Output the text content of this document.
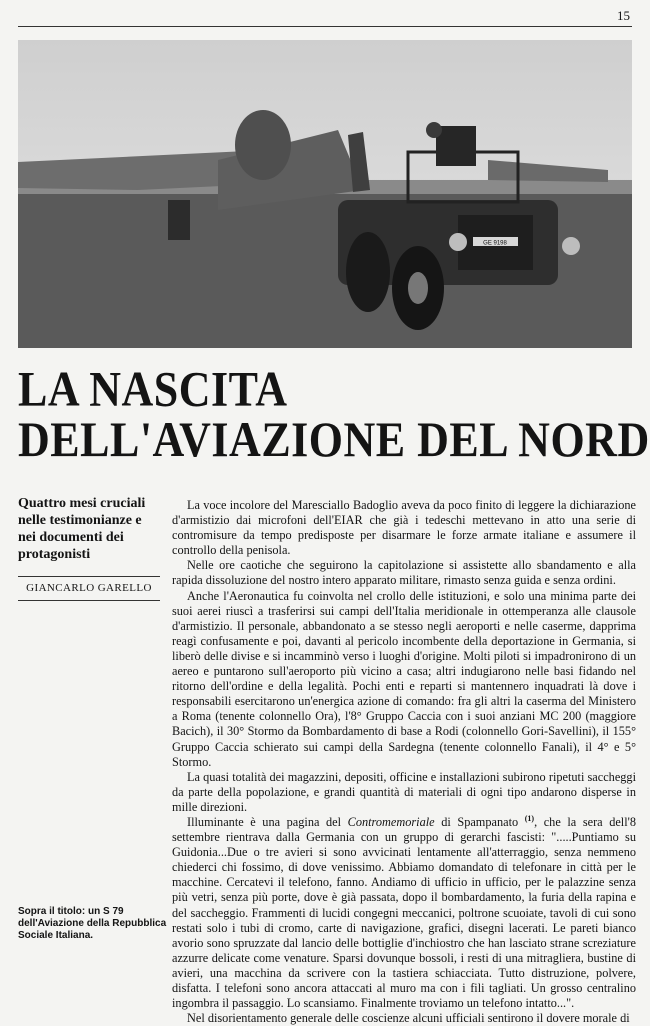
15
GE 9198
LA NASCITA
DELL'AVIAZIONE DEL NORD

Quattro mesi cruciali nelle testimonianze e nei documenti dei protagonisti

GIANCARLO GARELLO

Sopra il titolo: un S 79 dell'Aviazione della Repubblica Sociale Italiana.

La voce incolore del Maresciallo Badoglio aveva da poco finito di leggere la dichiarazione d'armistizio dai microfoni dell'EIAR che già i tedeschi mettevano in atto una serie di contromisure da tempo predisposte per disarmare le forze armate italiane e assumere il controllo della penisola.

Nelle ore caotiche che seguirono la capitolazione si assistette allo sbandamento e alla rapida dissoluzione del nostro intero apparato militare, rimasto senza guida e senza ordini.

Anche l'Aeronautica fu coinvolta nel crollo delle istituzioni, e solo una minima parte dei suoi aerei riuscì a trasferirsi sui campi dell'Italia meridionale in ottemperanza alle clausole d'armistizio. Il personale, abbandonato a se stesso negli aeroporti e nelle caserme, dapprima reagì confusamente e poi, davanti al pericolo incombente della deportazione in Germania, si liberò delle divise e si incamminò verso i luoghi d'origine. Molti piloti si impadronirono di un aereo e puntarono sull'aeroporto più vicino a casa; altri indugiarono nelle basi fidando nel ritorno dell'ordine e della legalità. Pochi enti e reparti si mantennero inquadrati là dove i responsabili esercitarono un'energica azione di comando: fra gli altri la caserma del Ministero a Roma (tenente colonnello Ora), l'8° Gruppo Caccia con i suoi anziani MC 200 (maggiore Bacich), il 30° Stormo da Bombardamento di base a Rodi (colonnello Gori-Savellini), il 155° Gruppo Caccia schierato sui campi della Sardegna (tenente colonnello Fanali), il 4° e 5° Stormo.

La quasi totalità dei magazzini, depositi, officine e installazioni subirono ripetuti saccheggi da parte della popolazione, e grandi quantità di materiali di ogni tipo andarono disperse in mille direzioni.

Illuminante è una pagina del Contromemoriale di Spampanato $^{(1)}$, che la sera dell'8 settembre rientrava dalla Germania con un gruppo di gerarchi fascisti: ".....Puntiamo su Guidonia...Due o tre avieri si sono avvicinati lentamente all'atterraggio, senza nemmeno chiederci chi fossimo, di dove venissimo. Abbiamo domandato di telefonare in città per le macchine. Cercatevi il telefono, fanno. Andiamo di ufficio in ufficio, per le palazzine senza più vetri, senza più porte, dove è già passata, dopo il bombardamento, la furia della rapina e del saccheggio. Frammenti di lucidi congegni meccanici, poltrone scuoiate, tavoli di cui sono restati solo i tubi di cromo, carte di navigazione, grafici, disegni lacerati. Le pareti bianco avorio sono spruzzate dal lancio delle bottiglie d'inchiostro che han lasciato strane screziature azzurre delicate come venature. Sparsi dovunque bossoli, i resti di una mitragliera, bustine di avieri, una macchina da scrivere con la tastiera schiacciata. Tutto distruzione, polvere, disfatta. I telefoni sono ancora attaccati al muro ma con i fili tagliati. Un grosso centralino ingombra il passaggio. Lo scansiamo. Finalmente troviamo un telefono intatto...".

Nel disorientamento generale delle coscienze alcuni ufficiali sentirono il dovere morale di
